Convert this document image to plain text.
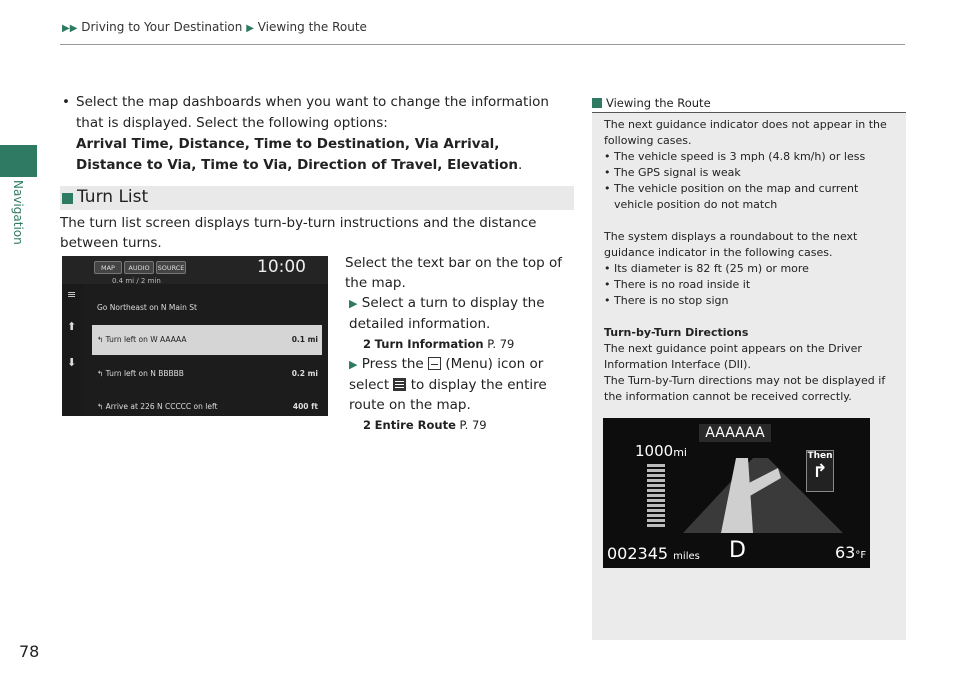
Navigation
▶▶ Driving to Your Destination ▶ Viewing the Route
• Select the map dashboards when you want to change the information that is displayed. Select the following options:
Arrival Time, Distance, Time to Destination, Via Arrival, Distance to Via, Time to Via, Direction of Travel, Elevation.
Turn List
The turn list screen displays turn-by-turn instructions and the distance between turns.
MAP	AUDIO	SOURCE	10:00
0.4 mi / 2 min
≡
⬆
⬇
Go Northeast on N Main St
↰ Turn left on W AAAAA	0.1 mi
↰ Turn left on N BBBBB	0.2 mi
↰ Arrive at 226 N CCCCC on left	400 ft
Select the text bar on the top of the map.
▶ Select a turn to display the detailed information.
2 Turn Information P. 79
▶ Press the (Menu) icon or select to display the entire route on the map.
2 Entire Route P. 79
Viewing the Route

The next guidance indicator does not appear in the following cases.

• The vehicle speed is 3 mph (4.8 km/h) or less

• The GPS signal is weak

• The vehicle position on the map and current vehicle position do not match

The system displays a roundabout to the next guidance indicator in the following cases.

• Its diameter is 82 ft (25 m) or more

• There is no road inside it

• There is no stop sign

Turn-by-Turn Directions

The next guidance point appears on the Driver Information Interface (DII).

The Turn-by-Turn directions may not be displayed if the information cannot be received correctly.

AAAAAA
1000mi	Then
↱
002345 miles D	63°F
78
